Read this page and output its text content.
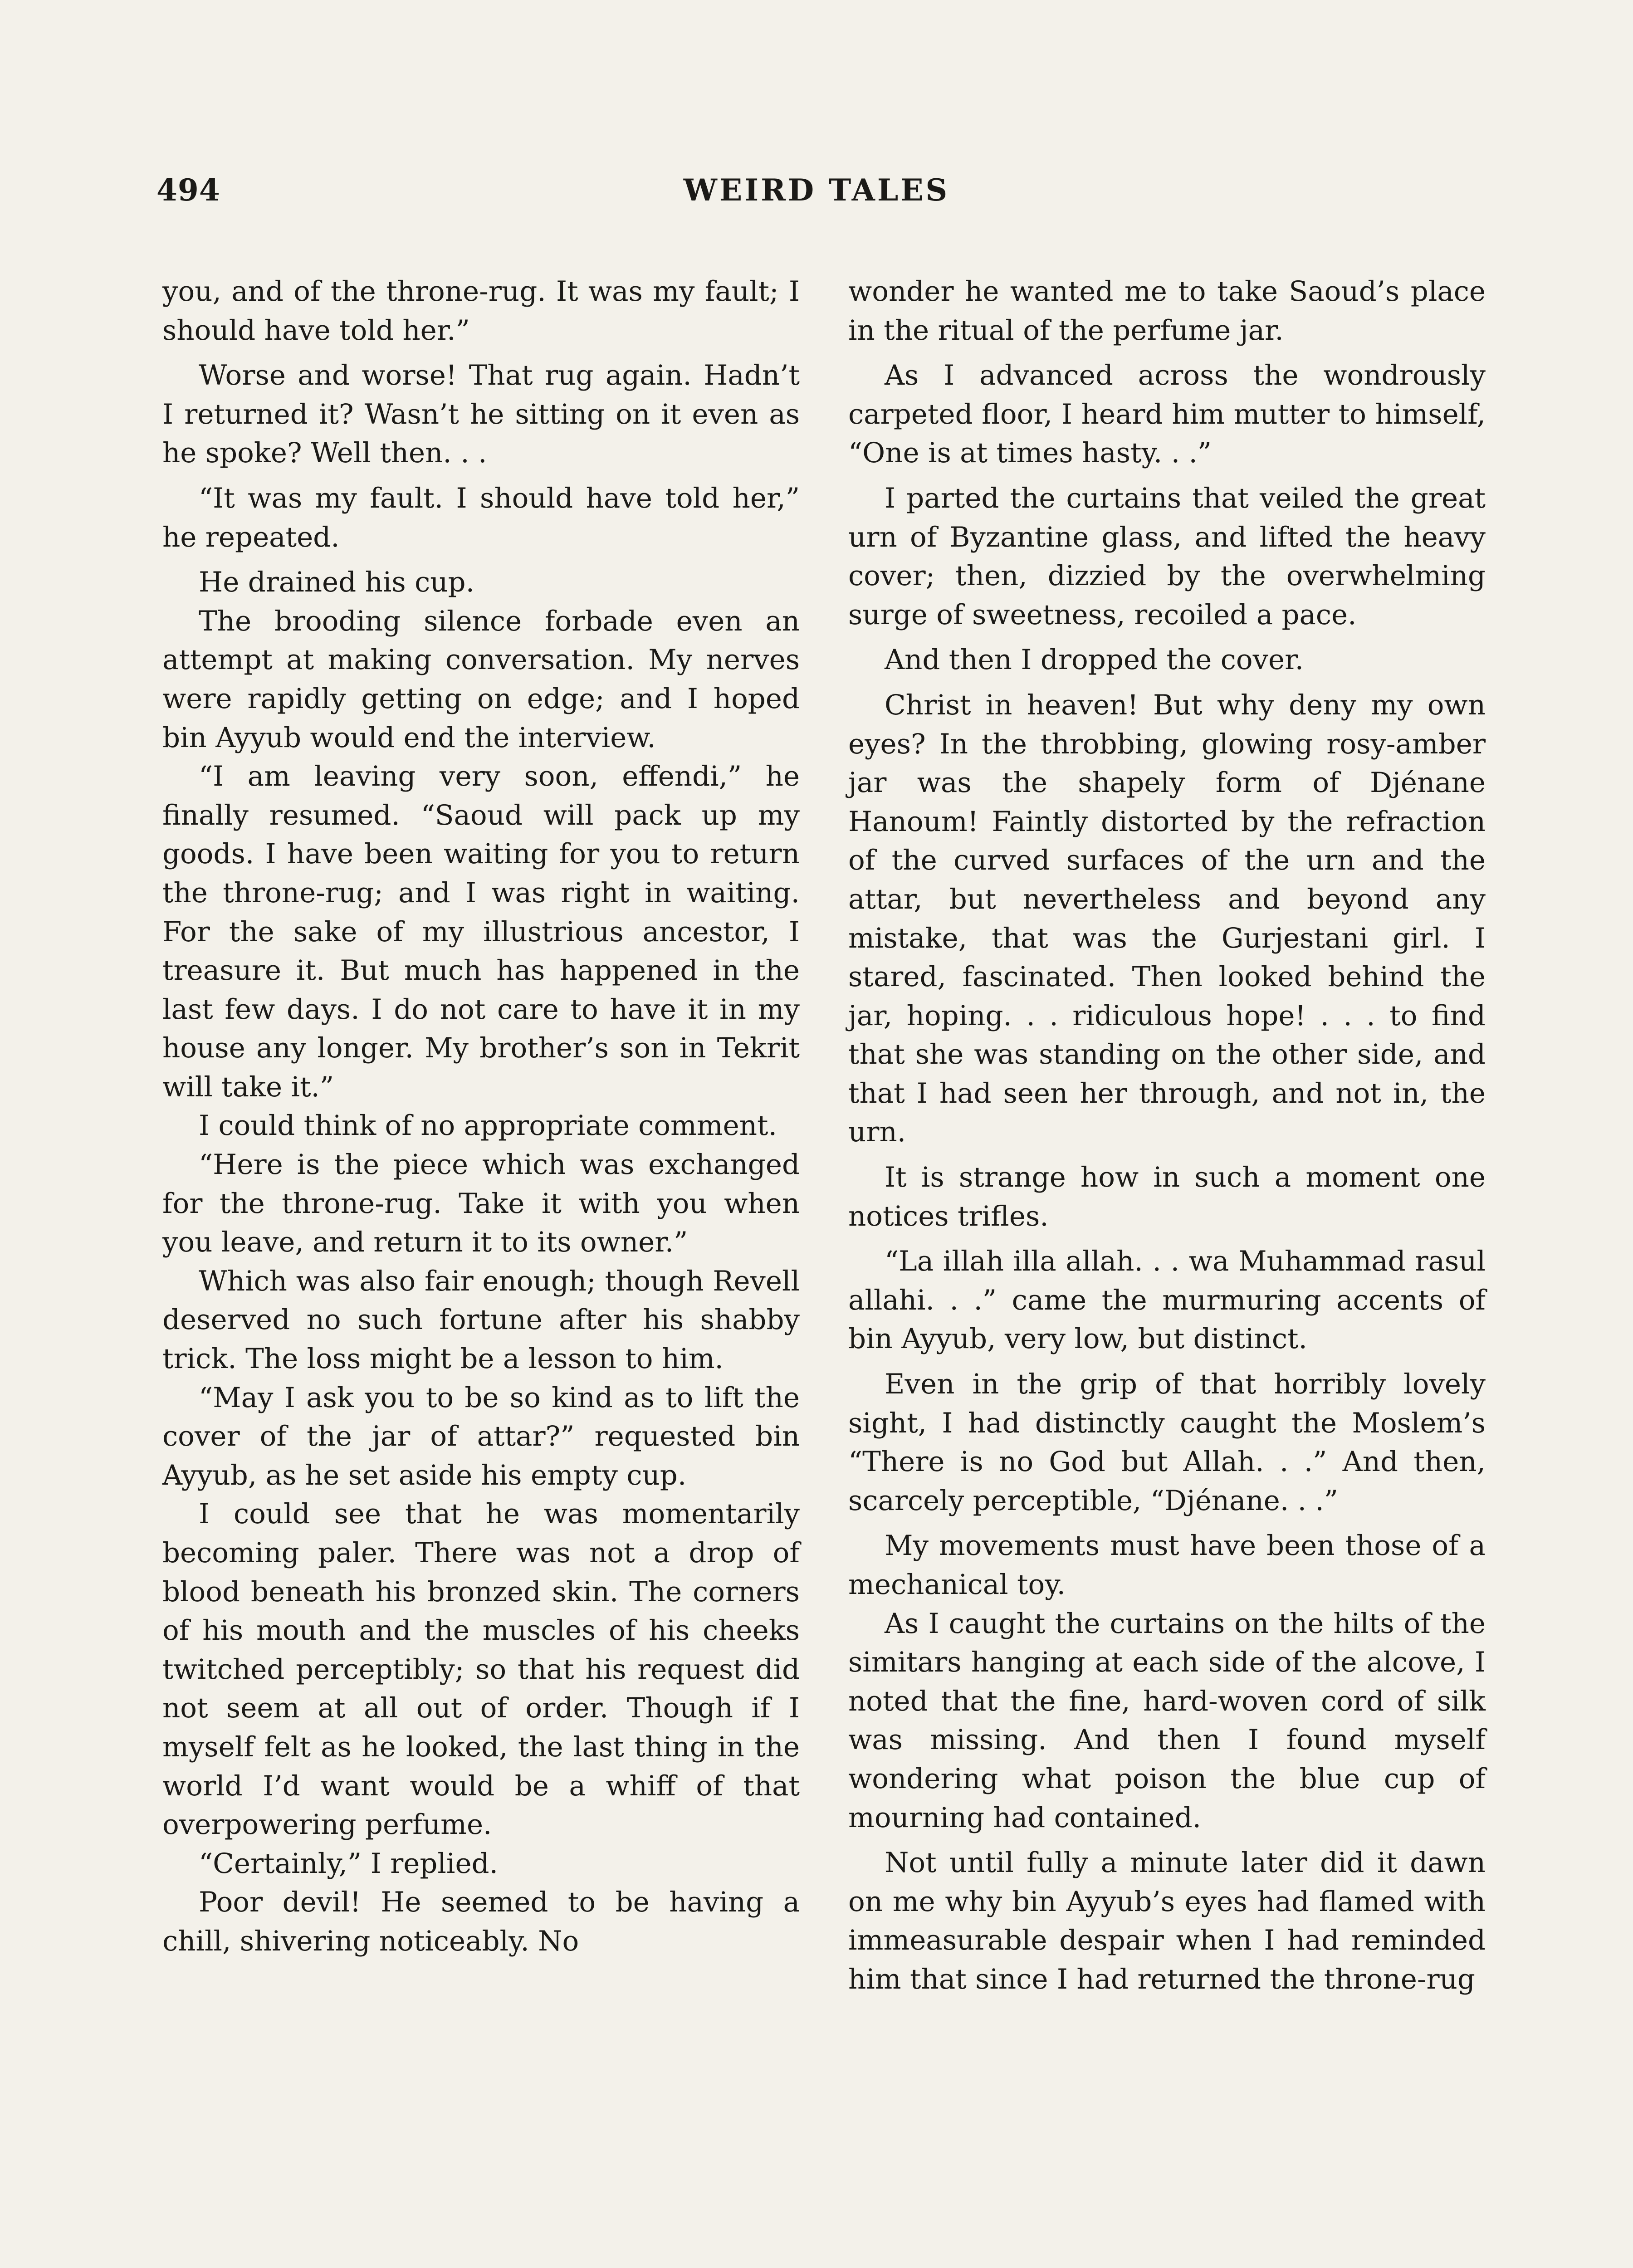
494	WEIRD TALES

you, and of the throne-rug. It was my fault; I should have told her.”

Worse and worse! That rug again. Hadn’t I returned it? Wasn’t he sitting on it even as he spoke? Well then. . .

“It was my fault. I should have told her,” he repeated.

He drained his cup.

The brooding silence forbade even an attempt at making conversation. My nerves were rapidly getting on edge; and I hoped bin Ayyub would end the interview.

“I am leaving very soon, effendi,” he finally resumed. “Saoud will pack up my goods. I have been waiting for you to return the throne-rug; and I was right in waiting. For the sake of my illustrious ancestor, I treasure it. But much has happened in the last few days. I do not care to have it in my house any longer. My brother’s son in Tekrit will take it.”

I could think of no appropriate comment.

“Here is the piece which was exchanged for the throne-rug. Take it with you when you leave, and return it to its owner.”

Which was also fair enough; though Revell deserved no such fortune after his shabby trick. The loss might be a lesson to him.

“May I ask you to be so kind as to lift the cover of the jar of attar?” requested bin Ayyub, as he set aside his empty cup.

I could see that he was momentarily becoming paler. There was not a drop of blood beneath his bronzed skin. The corners of his mouth and the muscles of his cheeks twitched perceptibly; so that his request did not seem at all out of order. Though if I myself felt as he looked, the last thing in the world I’d want would be a whiff of that overpowering perfume.

“Certainly,” I replied.

Poor devil! He seemed to be having a chill, shivering noticeably. No

wonder he wanted me to take Saoud’s place in the ritual of the perfume jar.

As I advanced across the wondrously carpeted floor, I heard him mutter to himself, “One is at times hasty. . .”

I parted the curtains that veiled the great urn of Byzantine glass, and lifted the heavy cover; then, dizzied by the overwhelming surge of sweetness, recoiled a pace.

And then I dropped the cover.

Christ in heaven! But why deny my own eyes? In the throbbing, glowing rosy-amber jar was the shapely form of Djénane Hanoum! Faintly distorted by the refraction of the curved surfaces of the urn and the attar, but nevertheless and beyond any mistake, that was the Gurjestani girl. I stared, fascinated. Then looked behind the jar, hoping. . . ridiculous hope! . . . to find that she was standing on the other side, and that I had seen her through, and not in, the urn.

It is strange how in such a moment one notices trifles.

“La illah illa allah. . . wa Muhammad rasul allahi. . .” came the murmuring accents of bin Ayyub, very low, but distinct.

Even in the grip of that horribly lovely sight, I had distinctly caught the Moslem’s “There is no God but Allah. . .” And then, scarcely perceptible, “Djénane. . .”

My movements must have been those of a mechanical toy.

As I caught the curtains on the hilts of the simitars hanging at each side of the alcove, I noted that the fine, hard-woven cord of silk was missing. And then I found myself wondering what poison the blue cup of mourning had contained.

Not until fully a minute later did it dawn on me why bin Ayyub’s eyes had flamed with immeasurable despair when I had reminded him that since I had returned the throne-rug
